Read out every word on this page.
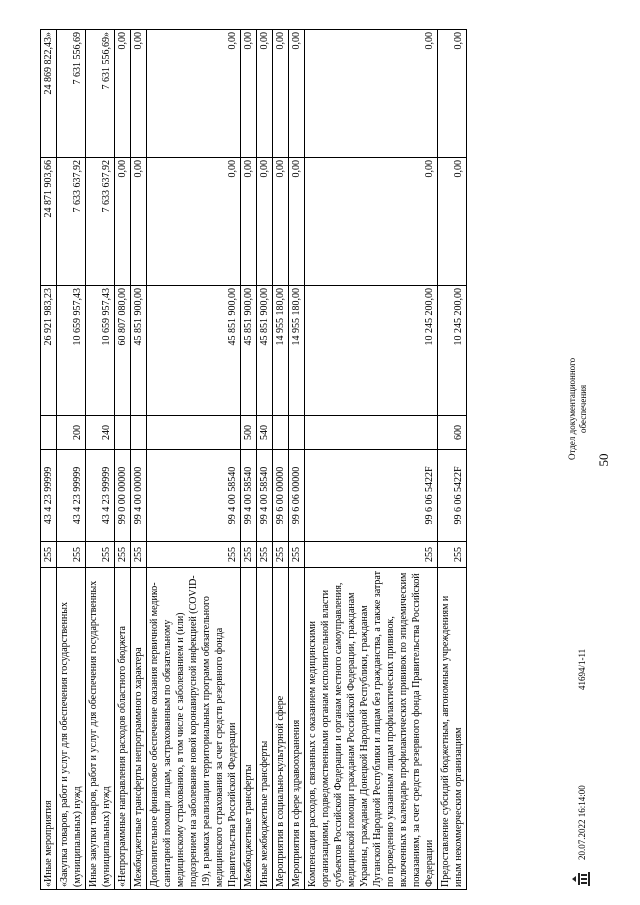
«Иные мероприятия	255	43 4 23 99999		26 921 983,23	24 871 903,66	24 869 822,43»
«Закупка товаров, работ и услуг для обеспечения государственных (муниципальных) нужд	255	43 4 23 99999	200	10 659 957,43	7 633 637,92	7 631 556,69
Иные закупки товаров, работ и услуг для обеспечения государственных (муниципальных) нужд	255	43 4 23 99999	240	10 659 957,43	7 633 637,92	7 631 556,69»
«Непрограммные направления расходов областного бюджета	255	99 0 00 00000		60 807 080,00	0,00	0,00
Межбюджетные трансферты непрограммного характера	255	99 4 00 00000		45 851 900,00	0,00	0,00
Дополнительное финансовое обеспечение оказания первичной медико-санитарной помощи лицам, застрахованным по обязательному медицинскому страхованию, в том числе с заболеванием и (или) подозрением на заболевание новой коронавирусной инфекцией (COVID-19), в рамках реализации территориальных программ обязательного медицинского страхования за счет средств резервного фонда Правительства Российской Федерации	255	99 4 00 58540		45 851 900,00	0,00	0,00
Межбюджетные трансферты	255	99 4 00 58540	500	45 851 900,00	0,00	0,00
Иные межбюджетные трансферты	255	99 4 00 58540	540	45 851 900,00	0,00	0,00
Мероприятия в социально-культурной сфере	255	99 6 00 00000		14 955 180,00	0,00	0,00
Мероприятия в сфере здравоохранения	255	99 6 06 00000		14 955 180,00	0,00	0,00
Компенсация расходов, связанных с оказанием медицинскими организациями, подведомственными органам исполнительной власти субъектов Российской Федерации и органам местного самоуправления, медицинской помощи гражданам Российской Федерации, гражданам Украины, гражданам Донецкой Народной Республики, гражданам Луганской Народной Республики и лицам без гражданства, а также затрат по проведению указанным лицам профилактических прививок, включенных в календарь профилактических прививок по эпидемическим показаниям, за счет средств резервного фонда Правительства Российской Федерации	255	99 6 06 5422F		10 245 200,00	0,00	0,00
Предоставление субсидий бюджетным, автономным учреждениям и иным некоммерческим организациям	255	99 6 06 5422F	600	10 245 200,00	0,00	0,00
20.07.2022 16:14:00
41694/1-11
Отдел документационного обеспечения
50
